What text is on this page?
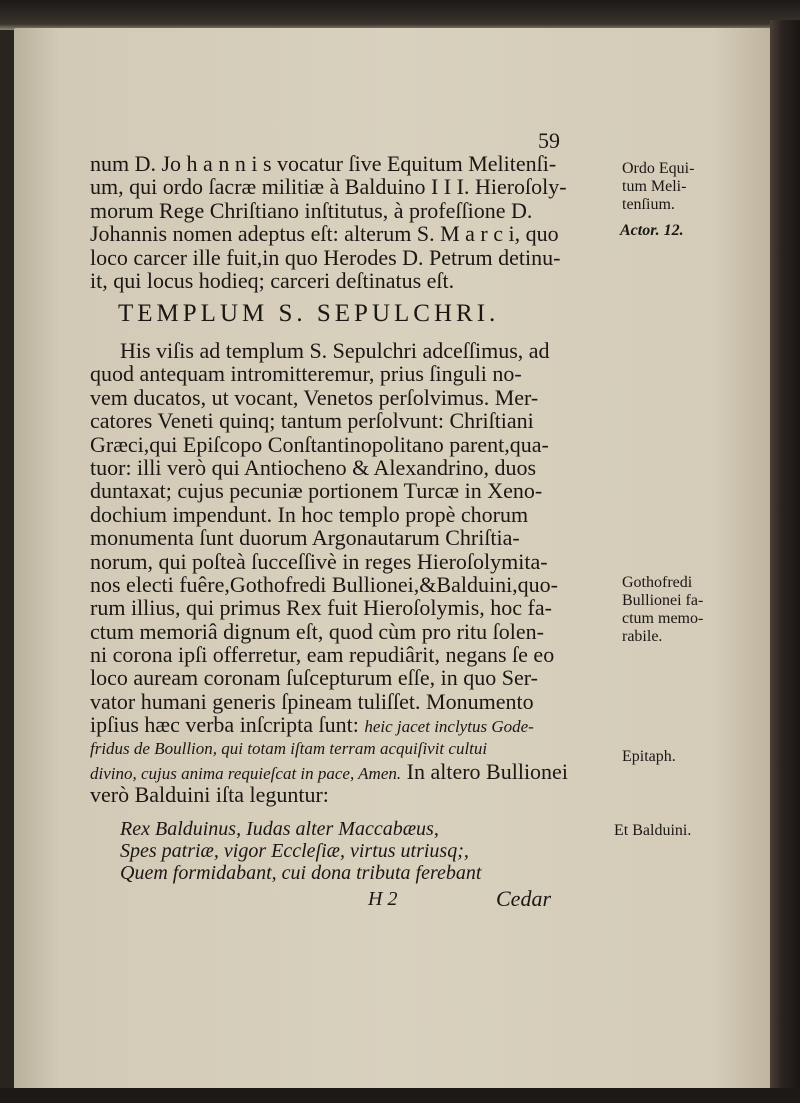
59
num D. Jo h a n n i s vocatur ſive Equitum Melitenſi-
um, qui ordo ſacræ militiæ à Balduino I I I. Hieroſoly-
morum Rege Chriſtiano inſtitutus, à profeſſione D.
Johannis nomen adeptus eſt: alterum S. M a r c i, quo
loco carcer ille fuit,in quo Herodes D. Petrum detinu-
it, qui locus hodieq; carceri deſtinatus eſt.
TEMPLUM S. SEPULCHRI.
His viſis ad templum S. Sepulchri adceſſimus, ad
quod antequam intromitteremur, prius ſinguli no-
vem ducatos, ut vocant, Venetos perſolvimus. Mer-
catores Veneti quinq; tantum perſolvunt: Chriſtiani
Græci,qui Epiſcopo Conſtantinopolitano parent,qua-
tuor: illi verò qui Antiocheno & Alexandrino, duos
duntaxat; cujus pecuniæ portionem Turcæ in Xeno-
dochium impendunt. In hoc templo propè chorum
monumenta ſunt duorum Argonautarum Chriſtia-
norum, qui poſteà ſucceſſivè in reges Hieroſolymita-
nos electi fuêre,Gothofredi Bullionei,&Balduini,quo-
rum illius, qui primus Rex fuit Hieroſolymis, hoc fa-
ctum memoriâ dignum eſt, quod cùm pro ritu ſolen-
ni corona ipſi offerretur, eam repudiârit, negans ſe eo
loco auream coronam ſuſcepturum eſſe, in quo Ser-
vator humani generis ſpineam tuliſſet. Monumento
ipſius hæc verba inſcripta ſunt: heic jacet inclytus Gode-
fridus de Boullion, qui totam iſtam terram acquiſivit cultui
divino, cujus anima requieſcat in pace, Amen. In altero Bullionei
verò Balduini iſta leguntur:
Rex Balduinus, Iudas alter Maccabæus,
Spes patriæ, vigor Eccleſiæ, virtus utriusq;,
Quem formidabant, cui dona tributa ferebant
H 2	Cedar
Ordo Equi-
tum Meli-
tenſium.
Actor. 12.
Gothofredi
Bullionei fa-
ctum memo-
rabile.
Epitaph.
Et Balduini.
